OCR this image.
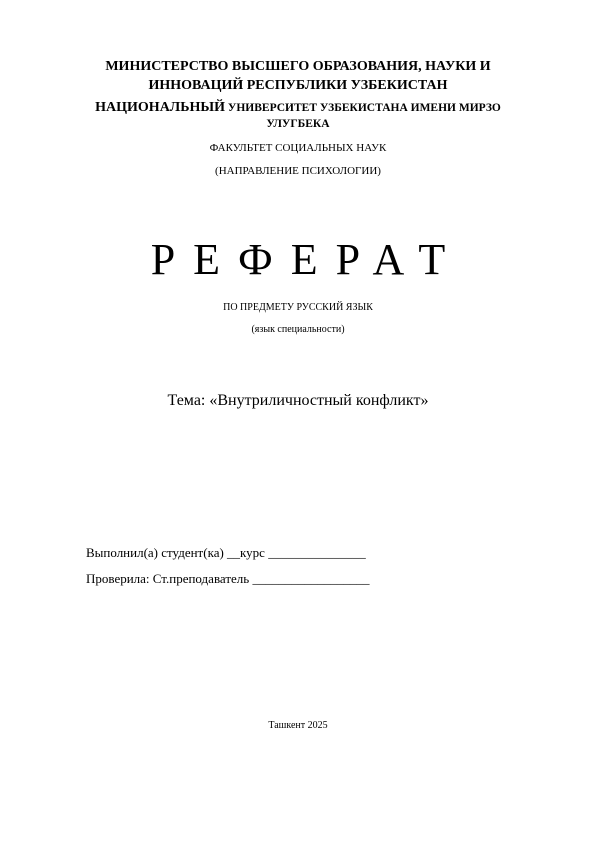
МИНИСТЕРСТВО ВЫСШЕГО ОБРАЗОВАНИЯ, НАУКИ И

ИННОВАЦИЙ РЕСПУБЛИКИ УЗБЕКИСТАН

НАЦИОНАЛЬНЫЙ УНИВЕРСИТЕТ УЗБЕКИСТАНА ИМЕНИ МИРЗО

УЛУГБЕКА

ФАКУЛЬТЕТ СОЦИАЛЬНЫХ НАУК

(НАПРАВЛЕНИЕ ПСИХОЛОГИИ)

РЕФЕРАТ

ПО ПРЕДМЕТУ РУССКИЙ ЯЗЫК

(язык специальности)

Тема: «Внутриличностный конфликт»

Выполнил(а) студент(ка) __курс _______________

Проверила: Ст.преподаватель __________________

Ташкент 2025
